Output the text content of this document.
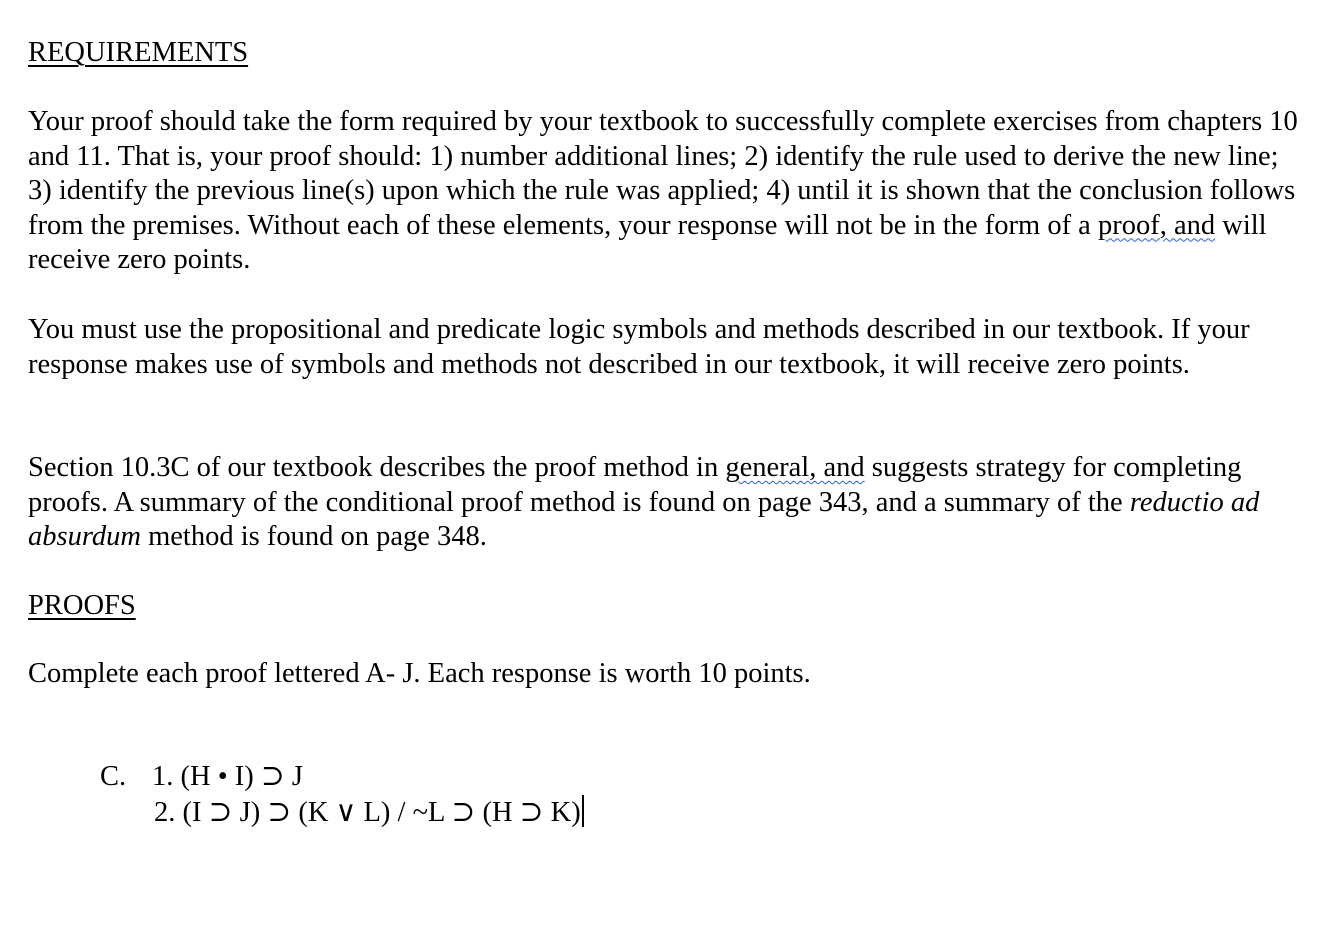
REQUIREMENTS
Your proof should take the form required by your textbook to successfully complete exercises from chapters 10 and 11. That is, your proof should: 1) number additional lines; 2) identify the rule used to derive the new line; 3) identify the previous line(s) upon which the rule was applied; 4) until it is shown that the conclusion follows from the premises. Without each of these elements, your response will not be in the form of a proof, and will receive zero points.
You must use the propositional and predicate logic symbols and methods described in our textbook. If your response makes use of symbols and methods not described in our textbook, it will receive zero points.
Section 10.3C of our textbook describes the proof method in general, and suggests strategy for completing proofs. A summary of the conditional proof method is found on page 343, and a summary of the reductio ad absurdum method is found on page 348.
PROOFS
Complete each proof lettered A- J. Each response is worth 10 points.
C. 1. (H • I) ⊃ J
2. (I ⊃ J) ⊃ (K ∨ L) / ~L ⊃ (H ⊃ K)
